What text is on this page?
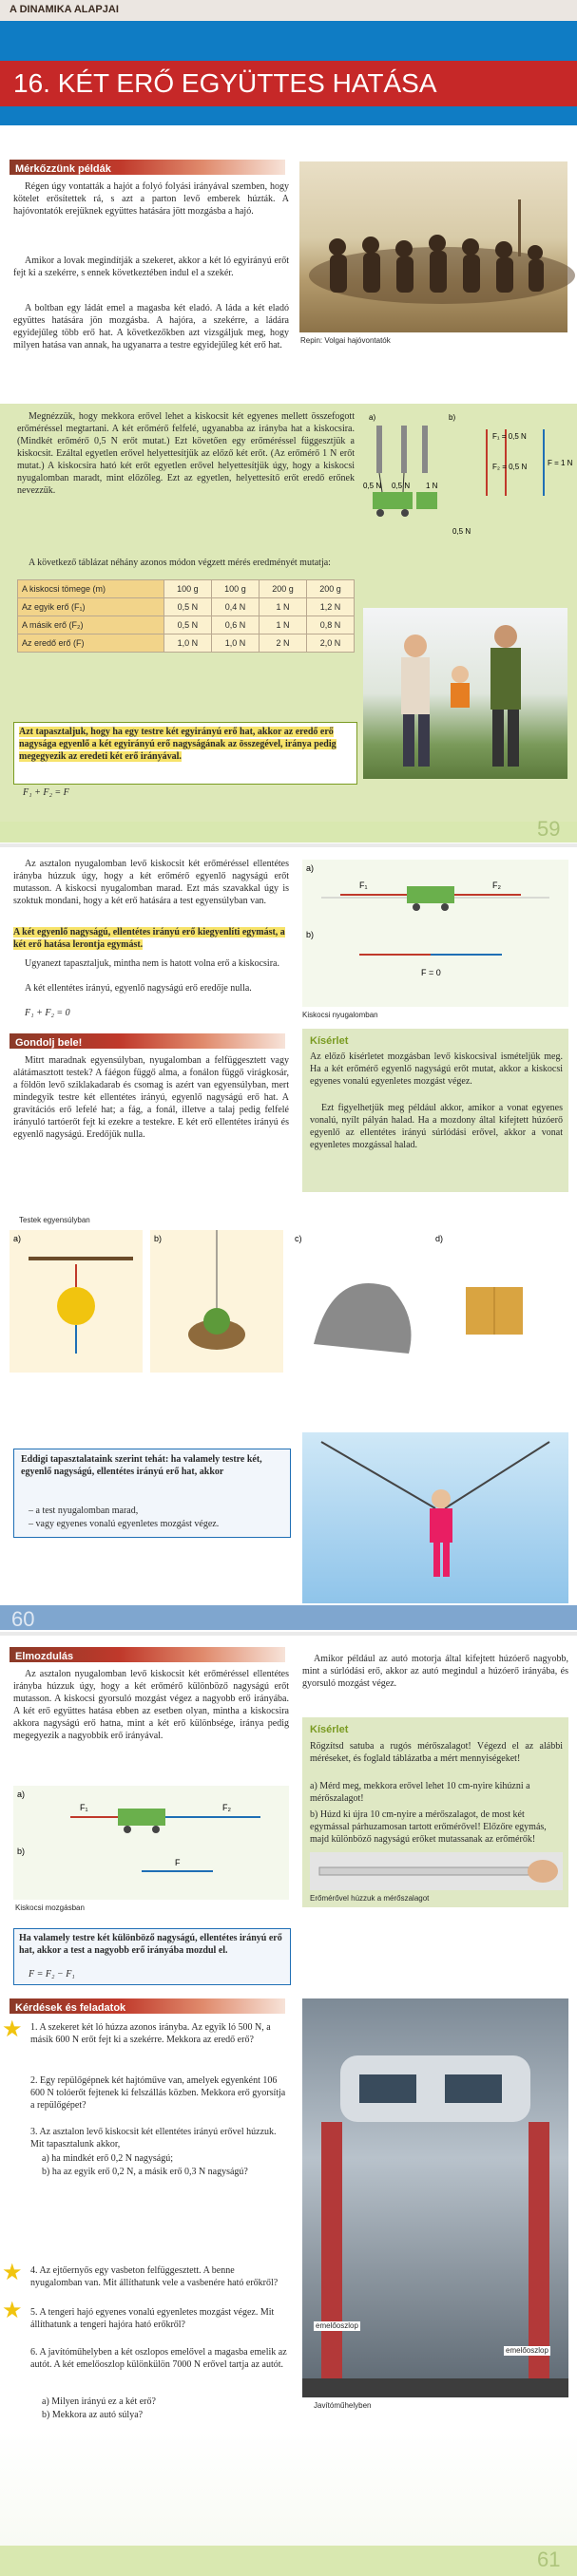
A DINAMIKA ALAPJAI
16. KÉT ERŐ EGYÜTTES HATÁSA
Mérkőzzünk példák
Régen úgy vontatták a hajót a folyó folyási irányával szemben, hogy kötelet erősítettek rá, s azt a parton levő emberek húzták. A hajóvontatók erejüknek együttes hatására jött mozgásba a hajó.
Amikor a lovak megindítják a szekeret, akkor a két ló egyirányú erőt fejt ki a szekérre, s ennek következtében indul el a szekér.
A boltban egy ládát emel a magasba két eladó. A láda a két eladó együttes hatására jön mozgásba. A hajóra, a szekérre, a ládára egyidejűleg több erő hat. A következőkben azt vizsgáljuk meg, hogy milyen hatása van annak, ha ugyanarra a testre egyidejűleg két erő hat.	Repin: Volgai hajóvontatók
Megnézzük, hogy mekkora erővel lehet a kiskocsit két egyenes mellett összefogott erőméréssel megtartani. A két erőmérő felfelé, ugyanabba az irányba hat a kiskocsira. (Mindkét erőmérő 0,5 N erőt mutat.) Ezt követően egy erőméréssel függesztjük a kiskocsit. Ezáltal egyetlen erővel helyettesítjük az előző két erőt. (Az erőmérő 1 N erőt mutat.) A kiskocsira ható két erőt egyetlen erővel helyettesítjük úgy, hogy a kiskocsi nyugalomban maradt, mint előzőleg. Ezt az egyetlen, helyettesítő erőt eredő erőnek nevezzük.
A következő táblázat néhány azonos módon végzett mérés eredményét mutatja:
a)	b)
0,5 N 0,5 N 1 N
F₁ = 0,5 N
F₂ = 0,5 N	F = 1 N
0,5 N
A kiskocsi tömege (m)	100 g	100 g	200 g	200 g
Az egyik erő (F₁)	0,5 N	0,4 N	1 N	1,2 N
A másik erő (F₂)	0,5 N	0,6 N	1 N	0,8 N
Az eredő erő (F)	1,0 N	1,0 N	2 N	2,0 N
Azt tapasztaljuk, hogy ha egy testre két egyirányú erő hat, akkor az eredő erő nagysága egyenlő a két egyirányú erő nagyságának az összegével, iránya pedig megegyezik az eredeti két erő irányával.
F₁ + F₂ = F
59
Az asztalon nyugalomban levő kiskocsit két erőméréssel ellentétes irányba húzzuk úgy, hogy a két erőmérő egyenlő nagyságú erőt mutasson. A kiskocsi nyugalomban marad. Ezt más szavakkal úgy is szoktuk mondani, hogy a két erő hatására a test egyensúlyban van.
A két egyenlő nagyságú, ellentétes irányú erő kiegyenlíti egymást, a két erő hatása lerontja egymást.
Ugyanezt tapasztaljuk, mintha nem is hatott volna erő a kiskocsira.
A két ellentétes irányú, egyenlő nagyságú erő eredője nulla.
F₁ + F₂ = 0
a)
F₁	F₂
b)
F = 0
Kiskocsi nyugalomban
Gondolj bele!
Mitrt maradnak egyensúlyban, nyugalomban a felfüggesztett vagy alátámasztott testek? A fáégon függő alma, a fonálon függő virágkosár, a földön levő sziklakadarab és csomag is azért van egyensúlyban, mert mindegyik testre két ellentétes irányú, egyenlő nagyságú erő hat. A gravitációs erő lefelé hat; a fág, a fonál, illetve a talaj pedig felfelé irányuló tartóerőt fejt ki ezekre a testekre. E két erő ellentétes irányú és egyenlő nagyságú. Eredőjük nulla.
Kísérlet
Az előző kísérletet mozgásban levő kiskocsival ismételjük meg. Ha a két erőmérő egyenlő nagyságú erőt mutat, akkor a kiskocsi egyenes vonalú egyenletes mozgást végez.
Ezt figyelhetjük meg például akkor, amikor a vonat egyenes vonalú, nyílt pályán halad. Ha a mozdony által kifejtett húzóerő egyenlő az ellentétes irányú súrlódási erővel, akkor a vonat egyenletes mozgással halad.
Testek egyensúlyban
a)	b)	c)	d)
Eddigi tapasztalataink szerint tehát: ha valamely testre két, egyenlő nagyságú, ellentétes irányú erő hat, akkor
– a test nyugalomban marad,
– vagy egyenes vonalú egyenletes mozgást végez.
60
Elmozdulás
Az asztalon nyugalomban levő kiskocsit két erőméréssel ellentétes irányba húzzuk úgy, hogy a két erőmérő különböző nagyságú erőt mutasson. A kiskocsi gyorsuló mozgást végez a nagyobb erő irányába. A két erő együttes hatása ebben az esetben olyan, mintha a kiskocsira akkora nagyságú erő hatna, mint a két erő különbsége, iránya pedig megegyezik a nagyobbik erő irányával.
Amikor például az autó motorja által kifejtett húzóerő nagyobb, mint a súrlódási erő, akkor az autó megindul a húzóerő irányába, és gyorsuló mozgást végez.
a)
F₁	F₂
b)
F
Kiskocsi mozgásban
Ha valamely testre két különböző nagyságú, ellentétes irányú erő hat, akkor a test a nagyobb erő irányába mozdul el.
F = F₂ − F₁
Kísérlet
Rögzítsd satuba a rugós mérőszalagot! Végezd el az alábbi méréseket, és foglald táblázatba a mért mennyiségeket!
a) Mérd meg, mekkora erővel lehet 10 cm-nyire kihúzni a mérőszalagot!
b) Húzd ki újra 10 cm-nyire a mérőszalagot, de most két egymással párhuzamosan tartott erőmérővel! Előzőre egymás, majd különböző nagyságú erőket mutassanak az erőmérők!
Erőmérővel húzzuk a mérőszalagot
Kérdések és feladatok
★
★
★
1. A szekeret két ló húzza azonos irányba. Az egyik ló 500 N, a másik 600 N erőt fejt ki a szekérre. Mekkora az eredő erő?
2. Egy repülőgépnek két hajtóműve van, amelyek egyenként 106 600 N tolóerőt fejtenek ki felszállás közben. Mekkora erő gyorsítja a repülőgépet?
3. Az asztalon levő kiskocsit két ellentétes irányú erővel húzzuk. Mit tapasztalunk akkor,
a) ha mindkét erő 0,2 N nagyságú;
b) ha az egyik erő 0,2 N, a másik erő 0,3 N nagyságú?
4. Az ejtőernyős egy vasbeton felfüggesztett. A benne nyugalomban van. Mit állíthatunk vele a vasbenére ható erőkről?
5. A tengeri hajó egyenes vonalú egyenletes mozgást végez. Mit állíthatunk a tengeri hajóra ható erőkről?
6. A javítóműhelyben a két oszlopos emelővel a magasba emelik az autót. A két emelőoszlop különkülön 7000 N erővel tartja az autót.
a) Milyen irányú ez a két erő?
b) Mekkora az autó súlya?
emelőoszlop
emelőoszlop
Javítóműhelyben
61
